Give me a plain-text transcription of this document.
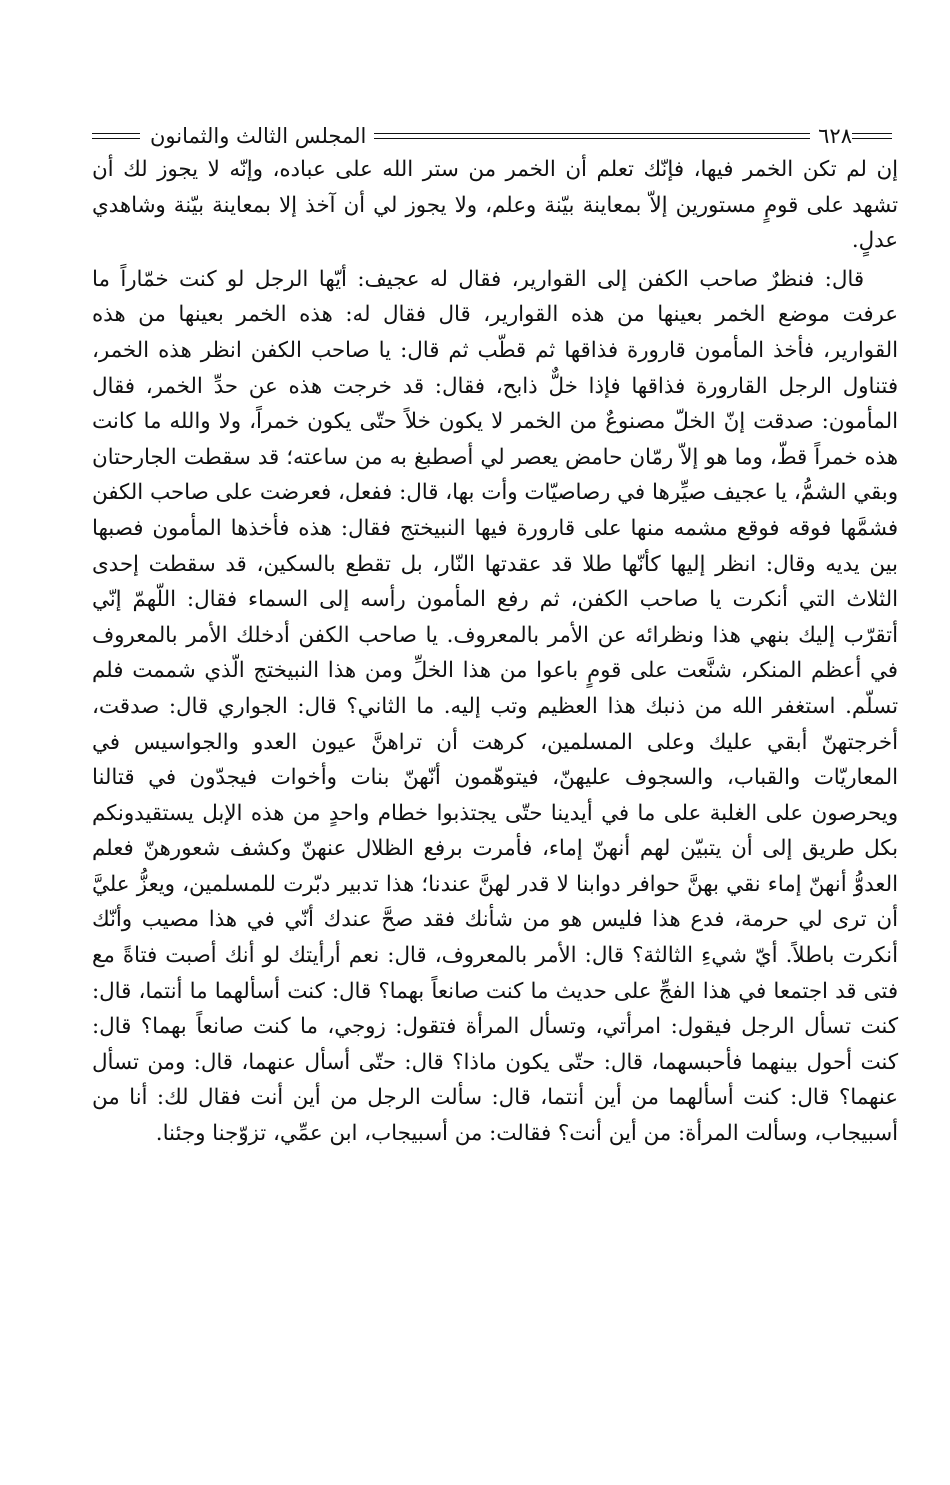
٦٢٨
المجلس الثالث والثمانون

إن لم تكن الخمر فيها، فإنّك تعلم أن الخمر من ستر الله على عباده، وإنّه لا يجوز لك أن تشهد على قومٍ مستورين إلاّ بمعاينة بيّنة وعلم، ولا يجوز لي أن آخذ إلا بمعاينة بيّنة وشاهدي عدلٍ.

قال: فنظرٌ صاحب الكفن إلى القوارير، فقال له عجيف: أيّها الرجل لو كنت خمّاراً ما عرفت موضع الخمر بعينها من هذه القوارير، قال فقال له: هذه الخمر بعينها من هذه القوارير، فأخذ المأمون قارورة فذاقها ثم قطّب ثم قال: يا صاحب الكفن انظر هذه الخمر، فتناول الرجل القارورة فذاقها فإذا خلٌّ ذابح، فقال: قد خرجت هذه عن حدِّ الخمر، فقال المأمون: صدقت إنّ الخلّ مصنوعٌ من الخمر لا يكون خلاً حتّى يكون خمراً، ولا والله ما كانت هذه خمراً قطّ، وما هو إلاّ رمّان حامض يعصر لي أصطبغ به من ساعته؛ قد سقطت الجارحتان وبقي الشمُّ، يا عجيف صيِّرها في رصاصيّات وأت بها، قال: ففعل، فعرضت على صاحب الكفن فشمَّها فوقه فوقع مشمه منها على قارورة فيها النبيختج فقال: هذه فأخذها المأمون فصبها بين يديه وقال: انظر إليها كأنّها طلا قد عقدتها النّار، بل تقطع بالسكين، قد سقطت إحدى الثلاث التي أنكرت يا صاحب الكفن، ثم رفع المأمون رأسه إلى السماء فقال: اللّهمّ إنّي أتقرّب إليك بنهي هذا ونظرائه عن الأمر بالمعروف. يا صاحب الكفن أدخلك الأمر بالمعروف في أعظم المنكر، شنَّعت على قومٍ باعوا من هذا الخلِّ ومن هذا النبيختج الّذي شممت فلم تسلّم. استغفر الله من ذنبك هذا العظيم وتب إليه. ما الثاني؟ قال: الجواري قال: صدقت، أخرجتهنّ أبقي عليك وعلى المسلمين، كرهت أن تراهنَّ عيون العدو والجواسيس في المعاريّات والقباب، والسجوف عليهنّ، فيتوهّمون أنّهنّ بنات وأخوات فيجدّون في قتالنا ويحرصون على الغلبة على ما في أيدينا حتّى يجتذبوا خطام واحدٍ من هذه الإبل يستقيدونكم بكل طريق إلى أن يتبيّن لهم أنهنّ إماء، فأمرت برفع الظلال عنهنّ وكشف شعورهنّ فعلم العدوُّ أنهنّ إماء نقي بهنَّ حوافر دوابنا لا قدر لهنَّ عندنا؛ هذا تدبير دبّرت للمسلمين، ويعزُّ عليَّ أن ترى لي حرمة، فدع هذا فليس هو من شأنك فقد صحَّ عندك أنّي في هذا مصيب وأنّك أنكرت باطلاً. أيّ شيءِ الثالثة؟ قال: الأمر بالمعروف، قال: نعم أرأيتك لو أنك أصبت فتاةً مع فتى قد اجتمعا في هذا الفجِّ على حديث ما كنت صانعاً بهما؟ قال: كنت أسألهما ما أنتما، قال: كنت تسأل الرجل فيقول: امرأتي، وتسأل المرأة فتقول: زوجي، ما كنت صانعاً بهما؟ قال: كنت أحول بينهما فأحبسهما، قال: حتّى يكون ماذا؟ قال: حتّى أسأل عنهما، قال: ومن تسأل عنهما؟ قال: كنت أسألهما من أين أنتما، قال: سألت الرجل من أين أنت فقال لك: أنا من أسبيجاب، وسألت المرأة: من أين أنت؟ فقالت: من أسبيجاب، ابن عمِّي، تزوّجنا وجئنا.
